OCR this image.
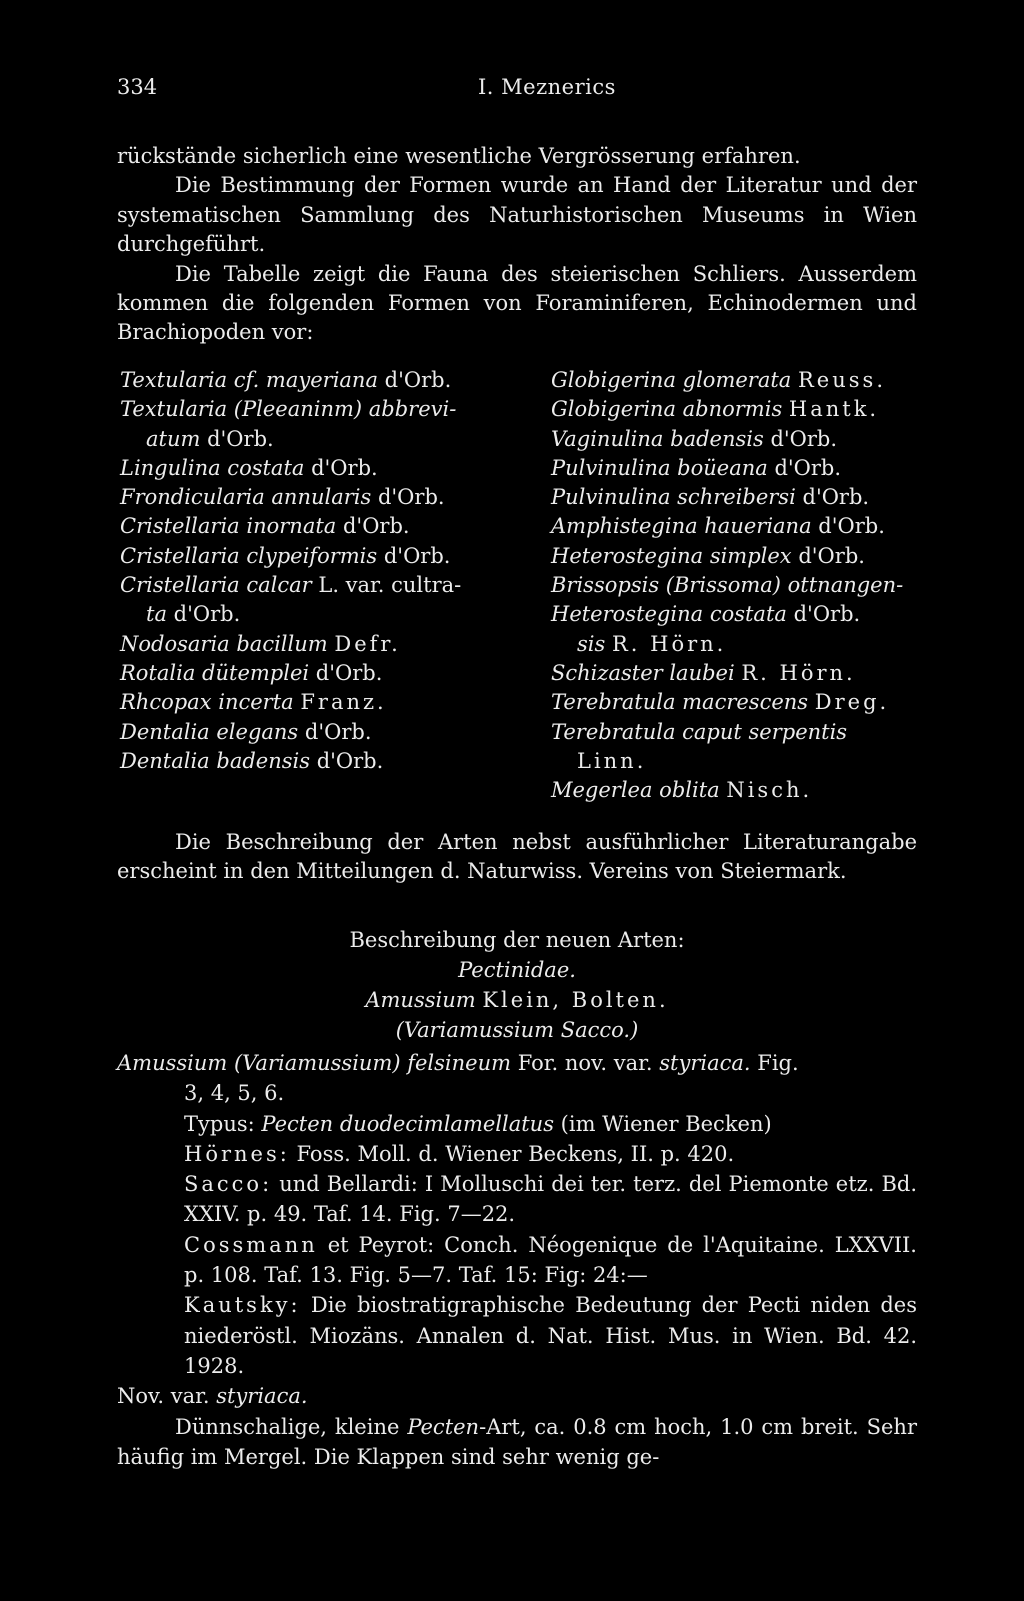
334	I. Meznerics

rückstände sicherlich eine wesentliche Vergrösserung erfahren.

Die Bestimmung der Formen wurde an Hand der Literatur und der systematischen Sammlung des Naturhistorischen Museums in Wien durchgeführt.

Die Tabelle zeigt die Fauna des steierischen Schliers. Ausserdem kommen die folgenden Formen von Foraminiferen, Echinodermen und Brachiopoden vor:

Textularia cf. mayeriana d'Orb.
Textularia (Pleeaninm) abbrevi-
atum d'Orb.
Lingulina costata d'Orb.
Frondicularia annularis d'Orb.
Cristellaria inornata d'Orb.
Cristellaria clypeiformis d'Orb.
Cristellaria calcar L. var. cultra-
ta d'Orb.
Nodosaria bacillum Defr.
Rotalia dütemplei d'Orb.
Rhcopax incerta Franz.
Dentalia elegans d'Orb.
Dentalia badensis d'Orb.
Globigerina glomerata Reuss.
Globigerina abnormis Hantk.
Vaginulina badensis d'Orb.
Pulvinulina boüeana d'Orb.
Pulvinulina schreibersi d'Orb.
Amphistegina haueriana d'Orb.
Heterostegina simplex d'Orb.
Brissopsis (Brissoma) ottnangen-
Heterostegina costata d'Orb.
sis R. Hörn.
Schizaster laubei R. Hörn.
Terebratula macrescens Dreg.
Terebratula caput serpentis
Linn.
Megerlea oblita Nisch.

Die Beschreibung der Arten nebst ausführlicher Literaturangabe erscheint in den Mitteilungen d. Naturwiss. Vereins von Steiermark.

Beschreibung der neuen Arten:
Pectinidae.
Amussium Klein, Bolten.
(Variamussium Sacco.)
Amussium (Variamussium) felsineum For. nov. var. styriaca. Fig.
3, 4, 5, 6.
Typus: Pecten duodecimlamellatus (im Wiener Becken)
Hörnes: Foss. Moll. d. Wiener Beckens, II. p. 420.
Sacco: und Bellardi: I Molluschi dei ter. terz. del Piemonte etz. Bd. XXIV. p. 49. Taf. 14. Fig. 7—22.
Cossmann et Peyrot: Conch. Néogenique de l'Aquitaine. LXXVII. p. 108. Taf. 13. Fig. 5—7. Taf. 15: Fig: 24:—
Kautsky: Die biostratigraphische Bedeutung der Pecti niden des niederöstl. Miozäns. Annalen d. Nat. Hist. Mus. in Wien. Bd. 42. 1928.
Nov. var. styriaca.
Dünnschalige, kleine Pecten-Art, ca. 0.8 cm hoch, 1.0 cm breit. Sehr häufig im Mergel. Die Klappen sind sehr wenig ge-
